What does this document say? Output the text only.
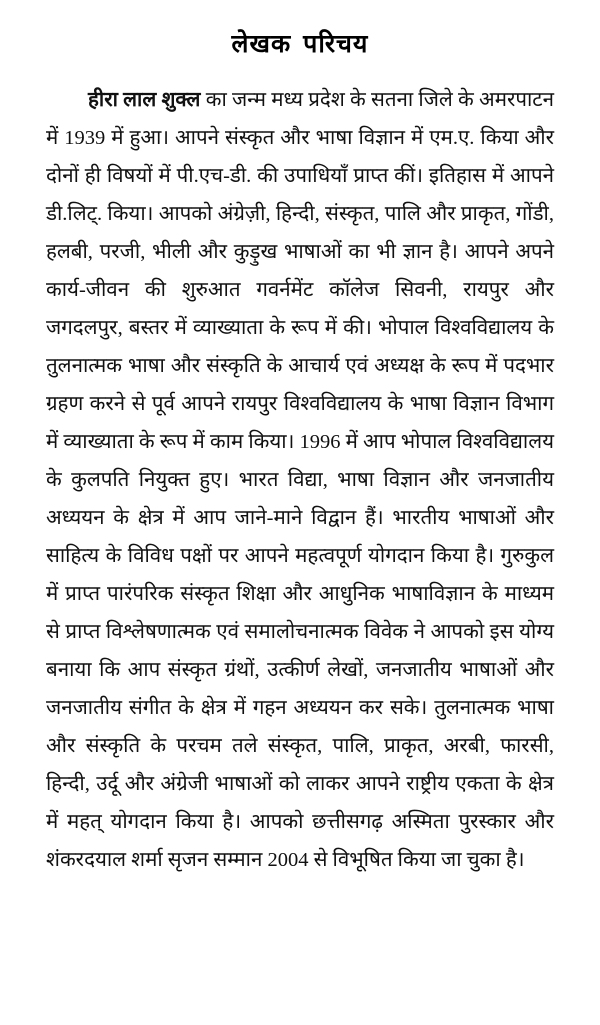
लेखक परिचय

हीरा लाल शुक्ल का जन्म मध्य प्रदेश के सतना जिले के अमरपाटन में 1939 में हुआ। आपने संस्कृत और भाषा विज्ञान में एम.ए. किया और दोनों ही विषयों में पी.एच-डी. की उपाधियाँ प्राप्त कीं। इतिहास में आपने डी.लिट्. किया। आपको अंग्रेज़ी, हिन्दी, संस्कृत, पालि और प्राकृत, गोंडी, हलबी, परजी, भीली और कुड़ुख भाषाओं का भी ज्ञान है। आपने अपने कार्य-जीवन की शुरुआत गवर्नमेंट कॉलेज सिवनी, रायपुर और जगदलपुर, बस्तर में व्याख्याता के रूप में की। भोपाल विश्वविद्यालय के तुलनात्मक भाषा और संस्कृति के आचार्य एवं अध्यक्ष के रूप में पदभार ग्रहण करने से पूर्व आपने रायपुर विश्वविद्यालय के भाषा विज्ञान विभाग में व्याख्याता के रूप में काम किया। 1996 में आप भोपाल विश्वविद्यालय के कुलपति नियुक्त हुए। भारत विद्या, भाषा विज्ञान और जनजातीय अध्ययन के क्षेत्र में आप जाने-माने विद्वान हैं। भारतीय भाषाओं और साहित्य के विविध पक्षों पर आपने महत्वपूर्ण योगदान किया है। गुरुकुल में प्राप्त पारंपरिक संस्कृत शिक्षा और आधुनिक भाषाविज्ञान के माध्यम से प्राप्त विश्लेषणात्मक एवं समालोचनात्मक विवेक ने आपको इस योग्य बनाया कि आप संस्कृत ग्रंथों, उत्कीर्ण लेखों, जनजातीय भाषाओं और जनजातीय संगीत के क्षेत्र में गहन अध्ययन कर सके। तुलनात्मक भाषा और संस्कृति के परचम तले संस्कृत, पालि, प्राकृत, अरबी, फारसी, हिन्दी, उर्दू और अंग्रेजी भाषाओं को लाकर आपने राष्ट्रीय एकता के क्षेत्र में महत् योगदान किया है। आपको छत्तीसगढ़ अस्मिता पुरस्कार और शंकरदयाल शर्मा सृजन सम्मान 2004 से विभूषित किया जा चुका है।
